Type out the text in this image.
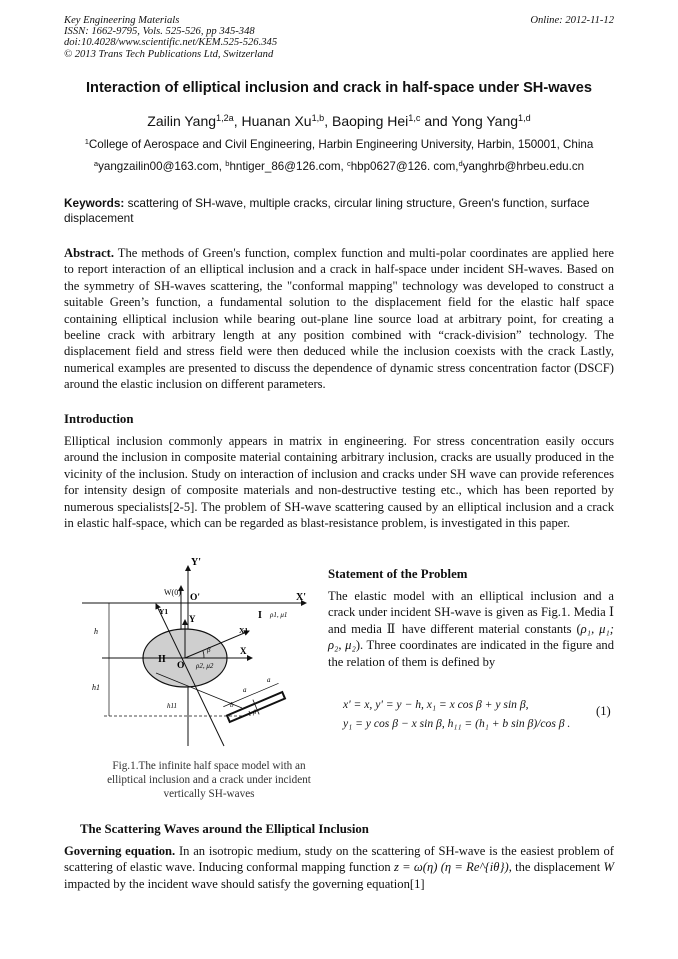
Key Engineering Materials
ISSN: 1662-9795, Vols. 525-526, pp 345-348
doi:10.4028/www.scientific.net/KEM.525-526.345
© 2013 Trans Tech Publications Ltd, Switzerland
Online: 2012-11-12
Interaction of elliptical inclusion and crack in half-space under SH-waves
Zailin Yang$^{1,2a}$, Huanan Xu$^{1,b}$, Baoping Hei$^{1,c}$ and Yong Yang$^{1,d}$
$^1$College of Aerospace and Civil Engineering, Harbin Engineering University, Harbin, 150001, China
$^a$yangzailin00@163.com, $^b$hntiger_86@126.com, $^c$hbp0627@126. com,$^d$yanghrb@hrbeu.edu.cn
Keywords: scattering of SH-wave, multiple cracks, circular lining structure, Green's function, surface displacement
Abstract. The methods of Green's function, complex function and multi-polar coordinates are applied here to report interaction of an elliptical inclusion and a crack in half-space under incident SH-waves. Based on the symmetry of SH-waves scattering, the "conformal mapping" technology was developed to construct a suitable Green’s function, a fundamental solution to the displacement field for the elastic half space containing elliptical inclusion while bearing out-plane line source load at arbitrary point, for creating a beeline crack with arbitrary length at any position combined with “crack-division” technology. The displacement field and stress field were then deduced while the inclusion coexists with the crack Lastly, numerical examples are presented to discuss the dependence of dynamic stress concentration factor (DSCF) around the elastic inclusion on different parameters.
Introduction
Elliptical inclusion commonly appears in matrix in engineering. For stress concentration easily occurs around the inclusion in composite material containing arbitrary inclusion, cracks are usually produced in the vicinity of the inclusion. Study on interaction of inclusion and cracks under SH wave can provide references for intensity design of composite materials and non-destructive testing etc., which has been reported by numerous specialists[2-5]. The problem of SH-wave scattering caused by an elliptical inclusion and a crack in elastic half-space, which can be regarded as blast-resistance problem, is investigated in this paper.
Y'
X'
O'
W(0)
Y
X
O
X1
Y1	I ρ1, μ1
II
ρ2, μ2
h
h1
h11
a
a
b
β
β
Fig.1.The infinite half space model with an elliptical inclusion and a crack under incident vertically SH-waves
Statement of the Problem
The elastic model with an elliptical inclusion and a crack under incident SH-wave is given as Fig.1. Media Ⅰ and media Ⅱ have different material constants (ρ₁, μ₁; ρ₂, μ₂). Three coordinates are indicated in the figure and the relation of them is defined by
x' = x, y' = y − h, x₁ = x cos β + y sin β,
y₁ = y cos β − x sin β, h₁₁ = (h₁ + b sin β)/cos β .
(1)
The Scattering Waves around the Elliptical Inclusion
Governing equation. In an isotropic medium, study on the scattering of SH-wave is the easiest problem of scattering of elastic wave. Inducing conformal mapping function z = ω(η) (η = Re^{iθ}), the displacement W impacted by the incident wave should satisfy the governing equation[1]
